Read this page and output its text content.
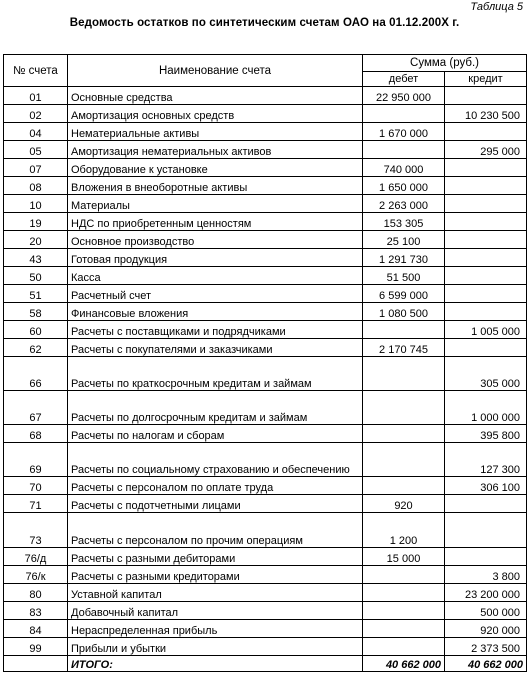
Таблица 5
Ведомость остатков по синтетическим счетам ОАО на 01.12.200Х г.
№ счета	Наименование счета	Сумма (руб.)	
		дебет	кредит
01	Основные средства	22 950 000	
02	Амортизация основных средств		10 230 500
04	Нематериальные активы	1 670 000	
05	Амортизация нематериальных активов		295 000
07	Оборудование к установке	740 000	
08	Вложения в внеоборотные активы	1 650 000	
10	Материалы	2 263 000	
19	НДС по приобретенным ценностям	153 305	
20	Основное производство	25 100	
43	Готовая продукция	1 291 730	
50	Касса	51 500	
51	Расчетный счет	6 599 000	
58	Финансовые вложения	1 080 500	
60	Расчеты с поставщиками и подрядчиками		1 005 000
62	Расчеты с покупателями и заказчиками	2 170 745	
66	Расчеты по краткосрочным кредитам и займам		305 000
67	Расчеты по долгосрочным кредитам и займам		1 000 000
68	Расчеты по налогам и сборам		395 800
69	Расчеты по социальному страхованию и обеспечению		127 300
70	Расчеты с персоналом по оплате труда		306 100
71	Расчеты с подотчетными лицами	920	
73	Расчеты с персоналом по прочим операциям	1 200	
76/д	Расчеты с разными дебиторами	15 000	
76/к	Расчеты с разными кредиторами		3 800
80	Уставной капитал		23 200 000
83	Добавочный капитал		500 000
84	Нераспределенная прибыль		920 000
99	Прибыли и убытки		2 373 500
	ИТОГО:	40 662 000	40 662 000
